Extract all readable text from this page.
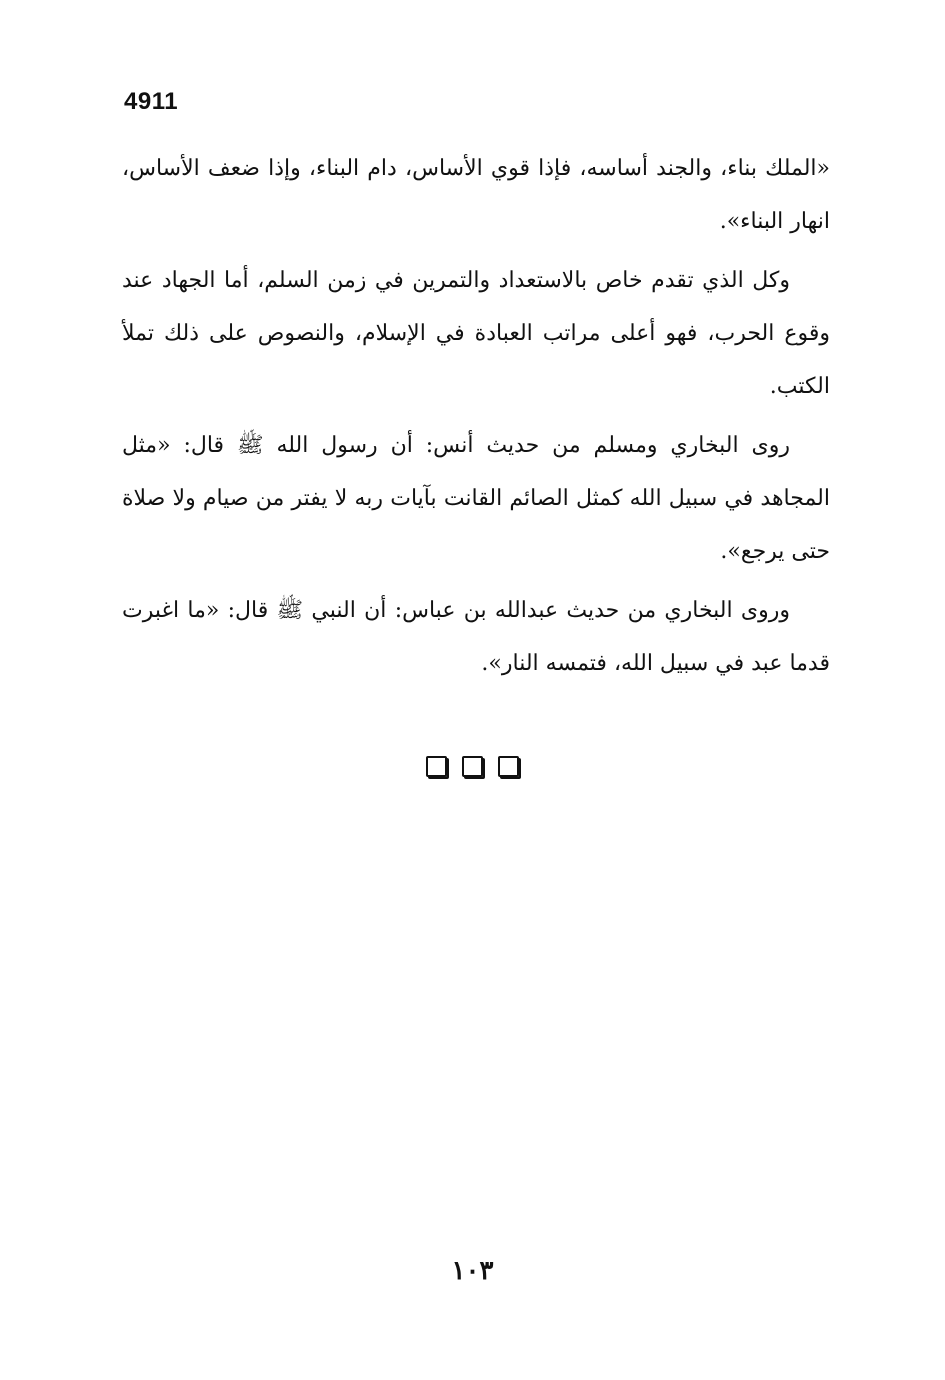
4911

«الملك بناء، والجند أساسه، فإذا قوي الأساس، دام البناء، وإذا ضعف الأساس، انهار البناء».

وكل الذي تقدم خاص بالاستعداد والتمرين في زمن السلم، أما الجهاد عند وقوع الحرب، فهو أعلى مراتب العبادة في الإسلام، والنصوص على ذلك تملأ الكتب.

روى البخاري ومسلم من حديث أنس: أن رسول الله ﷺ قال: «مثل المجاهد في سبيل الله كمثل الصائم القانت بآيات ربه لا يفتر من صيام ولا صلاة حتى يرجع».

وروى البخاري من حديث عبدالله بن عباس: أن النبي ﷺ قال: «ما اغبرت قدما عبد في سبيل الله، فتمسه النار».

١٠٣
